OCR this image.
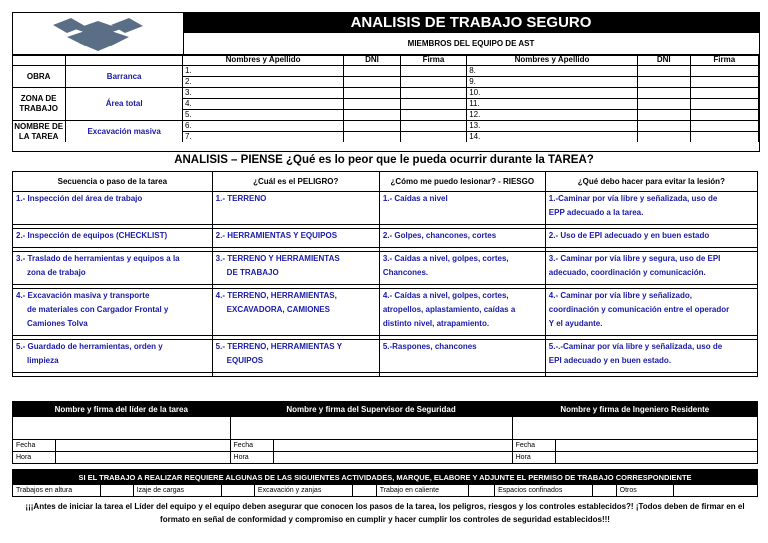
ANALISIS DE TRABAJO SEGURO
MIEMBROS DEL EQUIPO DE AST
		Nombres y Apellido	DNI	Firma	Nombres y Apellido	DNI	Firma
OBRA	Barranca	1.			8.		
		2.			9.		
ZONA DE TRABAJO	Área total	3.			10.		
		4.			11.		
		5.			12.		
NOMBRE DE LA TAREA	Excavación masiva	6.			13.		
		7.			14.		
ANALISIS – PIENSE ¿Qué es lo peor que le pueda ocurrir durante la TAREA?
Secuencia o paso de la tarea	¿Cuál es el PELIGRO?	¿Cómo me puedo lesionar? - RIESGO	¿Qué debo hacer para evitar la lesión?
1.- Inspección del área de trabajo	1.- TERRENO	1.- Caídas a nivel	1.-Caminar por vía libre y señalizada, uso de
			EPP adecuado a la tarea.

2.- Inspección de equipos (CHECKLIST)	2.- HERRAMIENTAS Y EQUIPOS	2.- Golpes, chancones, cortes	2.- Uso de EPI adecuado y en buen estado

3.- Traslado de herramientas y equipos a la	3.- TERRENO Y HERRAMIENTAS	3.- Caídas a nivel, golpes, cortes,	3.- Caminar por vía libre y segura, uso de EPI
zona de trabajo	DE TRABAJO	Chancones.	adecuado, coordinación y comunicación.

4.- Excavación masiva y transporte	4.- TERRENO, HERRAMIENTAS,	4.- Caídas a nivel, golpes, cortes,	4.- Caminar por vía libre y señalizado,
de materiales con Cargador Frontal y	EXCAVADORA, CAMIONES	atropellos, aplastamiento, caídas a	coordinación y comunicación entre el operador
Camiones Tolva		distinto nivel, atrapamiento.	Y el ayudante.

5.- Guardado de herramientas, orden y	5.- TERRENO, HERRAMIENTAS Y	5.-Raspones, chancones	5.-.-Caminar por vía libre y señalizada, uso de
limpieza	EQUIPOS		EPI adecuado y en buen estado.

Nombre y firma del líder de la tarea		Nombre y firma del Supervisor de Seguridad		Nombre y firma de Ingeniero Residente	

Fecha		Fecha		Fecha	
Hora		Hora		Hora	
SI EL TRABAJO A REALIZAR REQUIERE ALGUNAS DE LAS SIGUIENTES ACTIVIDADES, MARQUE, ELABORE Y ADJUNTE EL PERMISO DE TRABAJO CORRESPONDIENTE
Trabajos en altura		Izaje de cargas		Excavación y zanjas		Trabajo en caliente		Espacios confinados		Otros	
¡¡¡Antes de iniciar la tarea el Líder del equipo y el equipo deben asegurar que conocen los pasos de la tarea, los peligros, riesgos y los controles establecidos?! ¡Todos deben de firmar en el formato en señal de conformidad y compromiso en cumplir y hacer cumplir los controles de seguridad establecidos!!!
